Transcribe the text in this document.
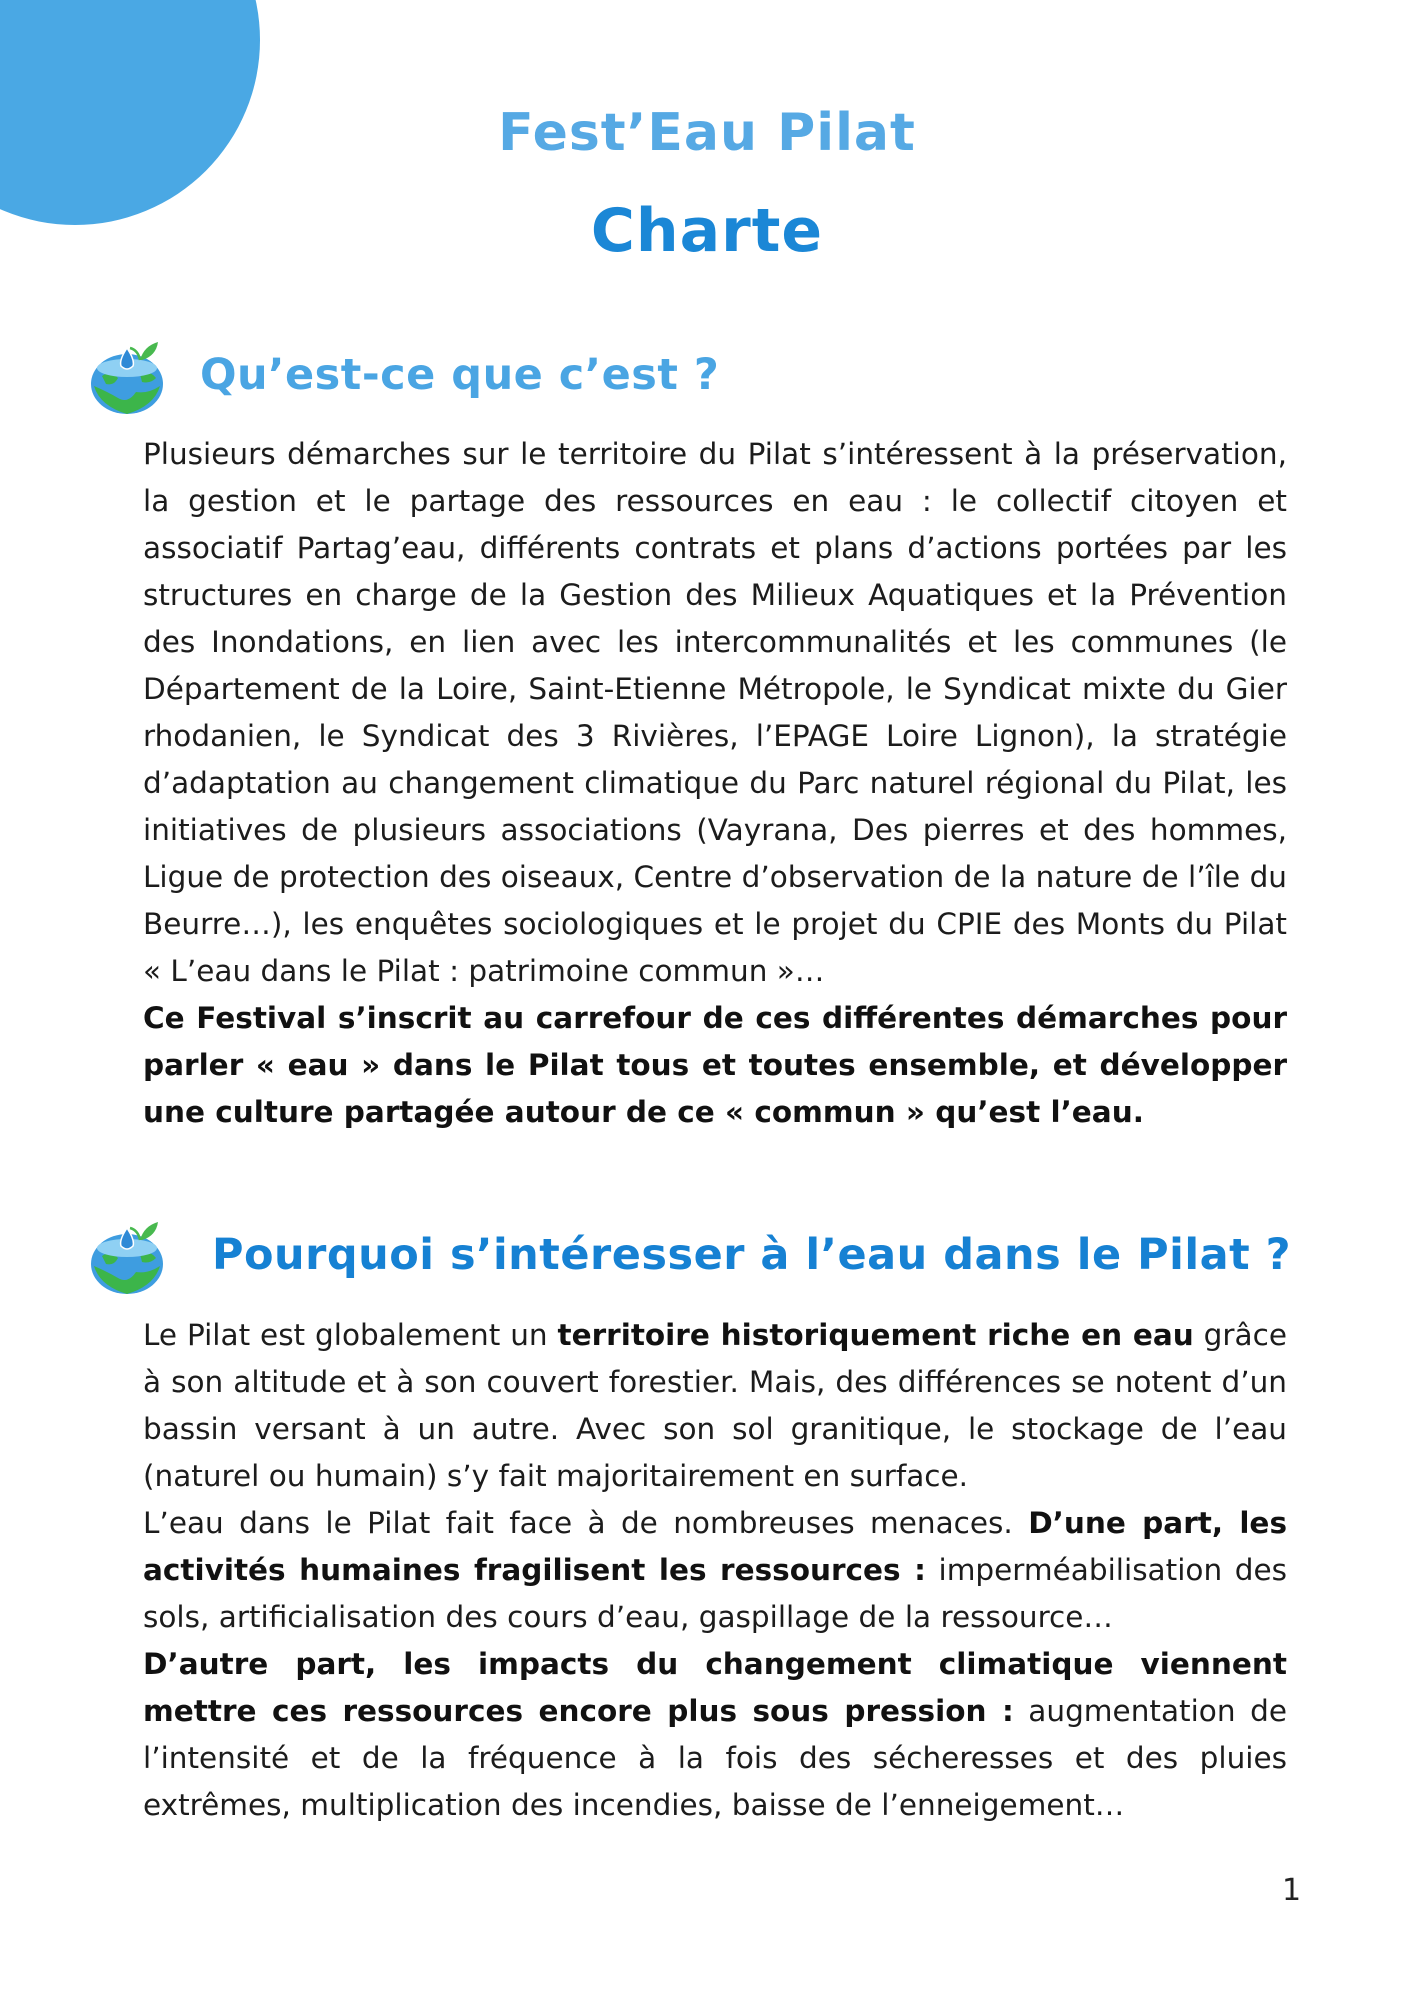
Fest’Eau Pilat
Charte
Qu’est-ce que c’est ?

Plusieurs démarches sur le territoire du Pilat s’intéressent à la préservation, la gestion et le partage des ressources en eau : le collectif citoyen et associatif Partag’eau, différents contrats et plans d’actions portées par les structures en charge de la Gestion des Milieux Aquatiques et la Prévention des Inondations, en lien avec les intercommunalités et les communes (le Département de la Loire, Saint-Etienne Métropole, le Syndicat mixte du Gier rhodanien, le Syndicat des 3 Rivières, l’EPAGE Loire Lignon), la stratégie d’adaptation au changement climatique du Parc naturel régional du Pilat, les initiatives de plusieurs associations (Vayrana, Des pierres et des hommes, Ligue de protection des oiseaux, Centre d’observation de la nature de l’île du Beurre…), les enquêtes sociologiques et le projet du CPIE des Monts du Pilat « L’eau dans le Pilat : patrimoine commun »…

Ce Festival s’inscrit au carrefour de ces différentes démarches pour parler « eau » dans le Pilat tous et toutes ensemble, et développer une culture partagée autour de ce « commun » qu’est l’eau.

Pourquoi s’intéresser à l’eau dans le Pilat ?

Le Pilat est globalement un territoire historiquement riche en eau grâce à son altitude et à son couvert forestier. Mais, des différences se notent d’un bassin versant à un autre. Avec son sol granitique, le stockage de l’eau (naturel ou humain) s’y fait majoritairement en surface.

L’eau dans le Pilat fait face à de nombreuses menaces. D’une part, les activités humaines fragilisent les ressources : imperméabilisation des sols, artificialisation des cours d’eau, gaspillage de la ressource…

D’autre part, les impacts du changement climatique viennent mettre ces ressources encore plus sous pression : augmentation de l’intensité et de la fréquence à la fois des sécheresses et des pluies extrêmes, multiplication des incendies, baisse de l’enneigement…

1
